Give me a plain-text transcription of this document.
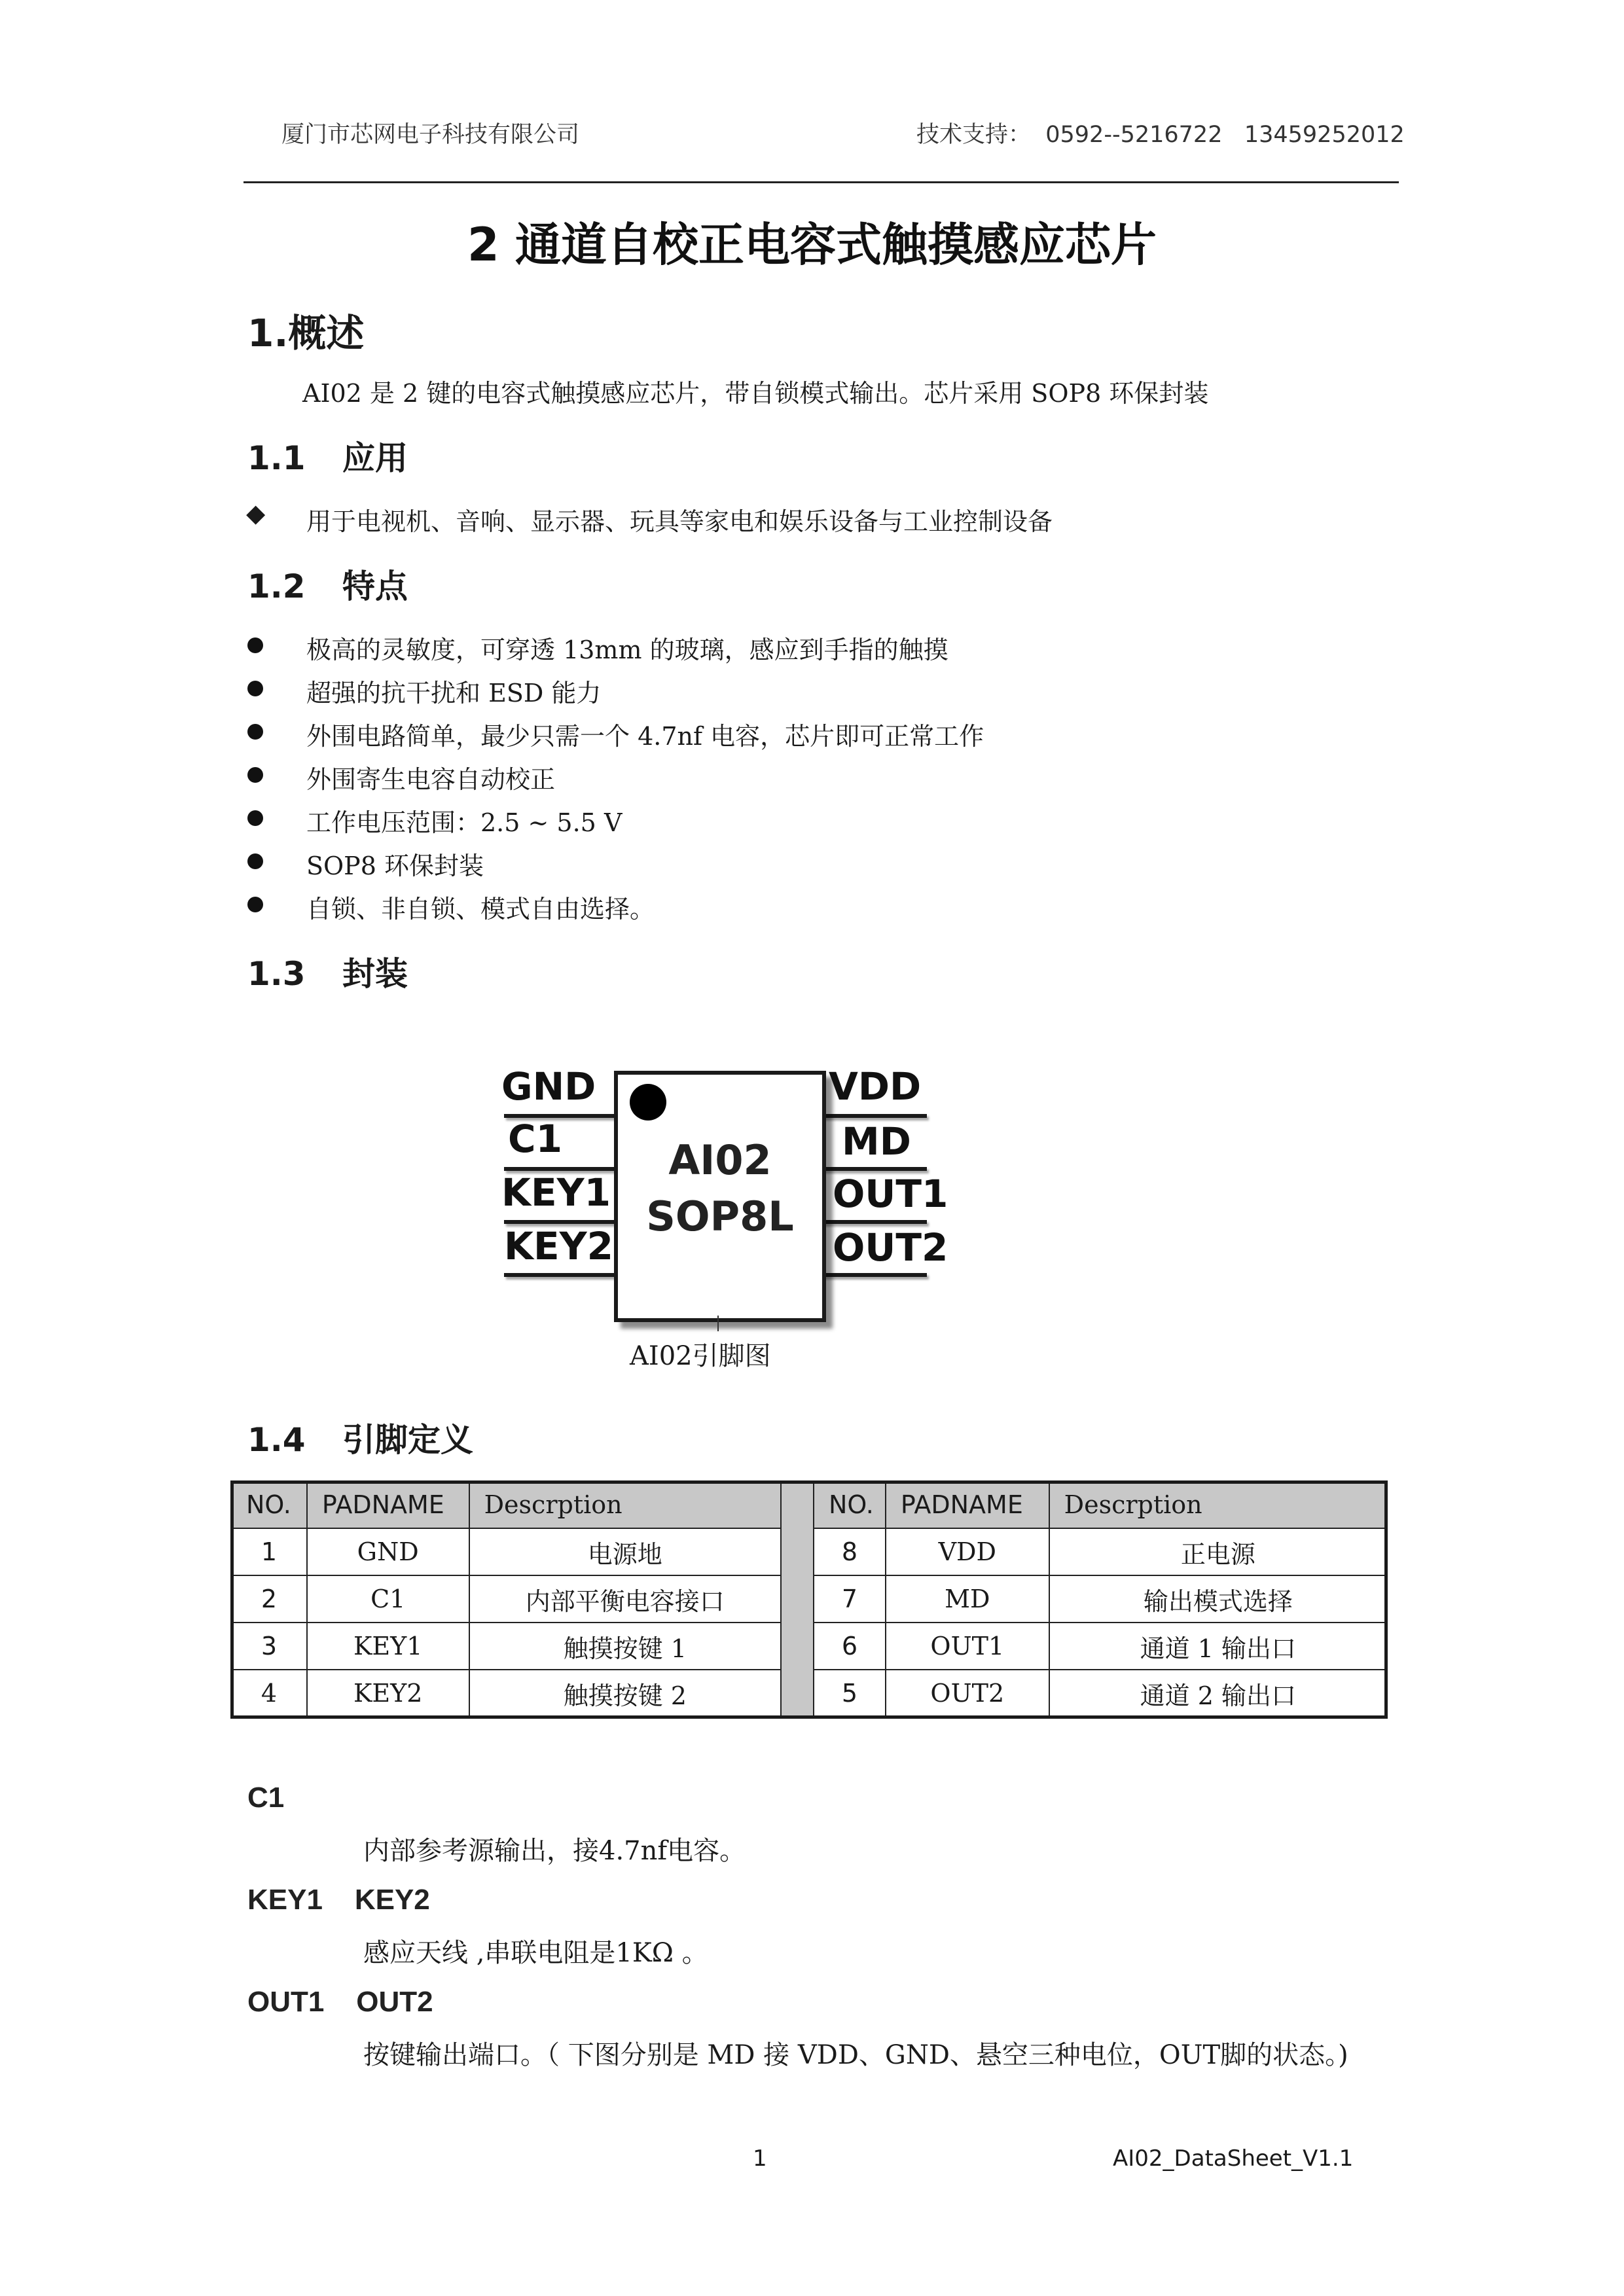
厦门市芯网电子科技有限公司	技术支持：  0592--5216722   13459252012
2 通道自校正电容式触摸感应芯片
1.概述
AI02 是 2 键的电容式触摸感应芯片，带自锁模式输出。芯片采用 SOP8 环保封装
1.1 应用
◆ 用于电视机、音响、显示器、玩具等家电和娱乐设备与工业控制设备
1.2 特点
极高的灵敏度，可穿透 13mm 的玻璃，感应到手指的触摸
超强的抗干扰和 ESD 能力
外围电路简单，最少只需一个 4.7nf 电容，芯片即可正常工作
外围寄生电容自动校正
工作电压范围：2.5 ~ 5.5 V
SOP8 环保封装
自锁、非自锁、模式自由选择。
1.3 封装
AI02
SOP8L
GND
C1
KEY1
KEY2
VDD
MD
OUT1
OUT2
AI02引脚图
1.4 引脚定义
NO.	PADNAME	Descrption
1	GND	电源地
2	C1	内部平衡电容接口
3	KEY1	触摸按键 1
4	KEY2	触摸按键 2
NO.	PADNAME	Descrption
8	VDD	正电源
7	MD	输出模式选择
6	OUT1	通道 1 输出口
5	OUT2	通道 2 输出口
C1
内部参考源输出，接4.7nf电容。
KEY1    KEY2
感应天线 ,串联电阻是1KΩ 。
OUT1    OUT2
按键输出端口。（ 下图分别是 MD 接 VDD、GND、悬空三种电位，OUT脚的状态。)
1	AI02_DataSheet_V1.1
